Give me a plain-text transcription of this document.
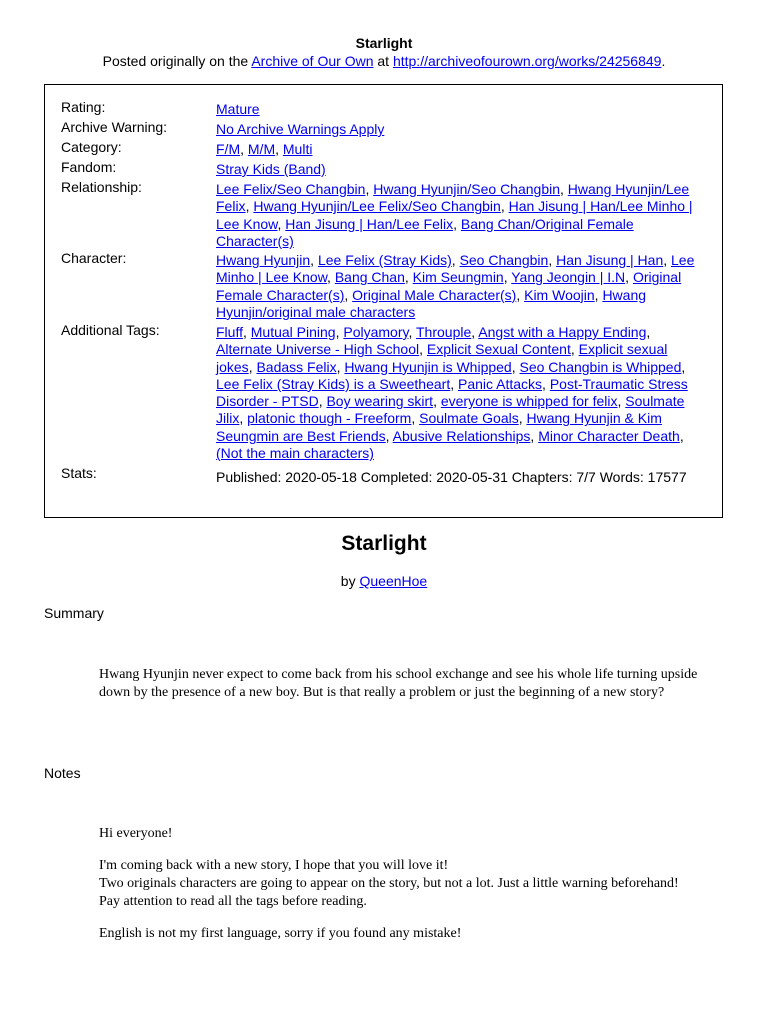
Starlight
Posted originally on the Archive of Our Own at http://archiveofourown.org/works/24256849.
Rating:	Mature
Archive Warning:	No Archive Warnings Apply
Category:	F/M, M/M, Multi
Fandom:	Stray Kids (Band)
Relationship:	Lee Felix/Seo Changbin, Hwang Hyunjin/Seo Changbin, Hwang Hyunjin/Lee Felix, Hwang Hyunjin/Lee Felix/Seo Changbin, Han Jisung | Han/Lee Minho | Lee Know, Han Jisung | Han/Lee Felix, Bang Chan/Original Female Character(s)
Character:	Hwang Hyunjin, Lee Felix (Stray Kids), Seo Changbin, Han Jisung | Han, Lee Minho | Lee Know, Bang Chan, Kim Seungmin, Yang Jeongin | I.N, Original Female Character(s), Original Male Character(s), Kim Woojin, Hwang Hyunjin/original male characters
Additional Tags:	Fluff, Mutual Pining, Polyamory, Throuple, Angst with a Happy Ending, Alternate Universe - High School, Explicit Sexual Content, Explicit sexual jokes, Badass Felix, Hwang Hyunjin is Whipped, Seo Changbin is Whipped, Lee Felix (Stray Kids) is a Sweetheart, Panic Attacks, Post-Traumatic Stress Disorder - PTSD, Boy wearing skirt, everyone is whipped for felix, Soulmate Jilix, platonic though - Freeform, Soulmate Goals, Hwang Hyunjin & Kim Seungmin are Best Friends, Abusive Relationships, Minor Character Death, (Not the main characters)
Stats:	Published: 2020-05-18 Completed: 2020-05-31 Chapters: 7/7 Words: 17577
Starlight
by QueenHoe
Summary

Hwang Hyunjin never expect to come back from his school exchange and see his whole life turning upside down by the presence of a new boy. But is that really a problem or just the beginning of a new story?

Notes

Hi everyone!

I'm coming back with a new story, I hope that you will love it!

Two originals characters are going to appear on the story, but not a lot. Just a little warning beforehand!

Pay attention to read all the tags before reading.

English is not my first language, sorry if you found any mistake!
